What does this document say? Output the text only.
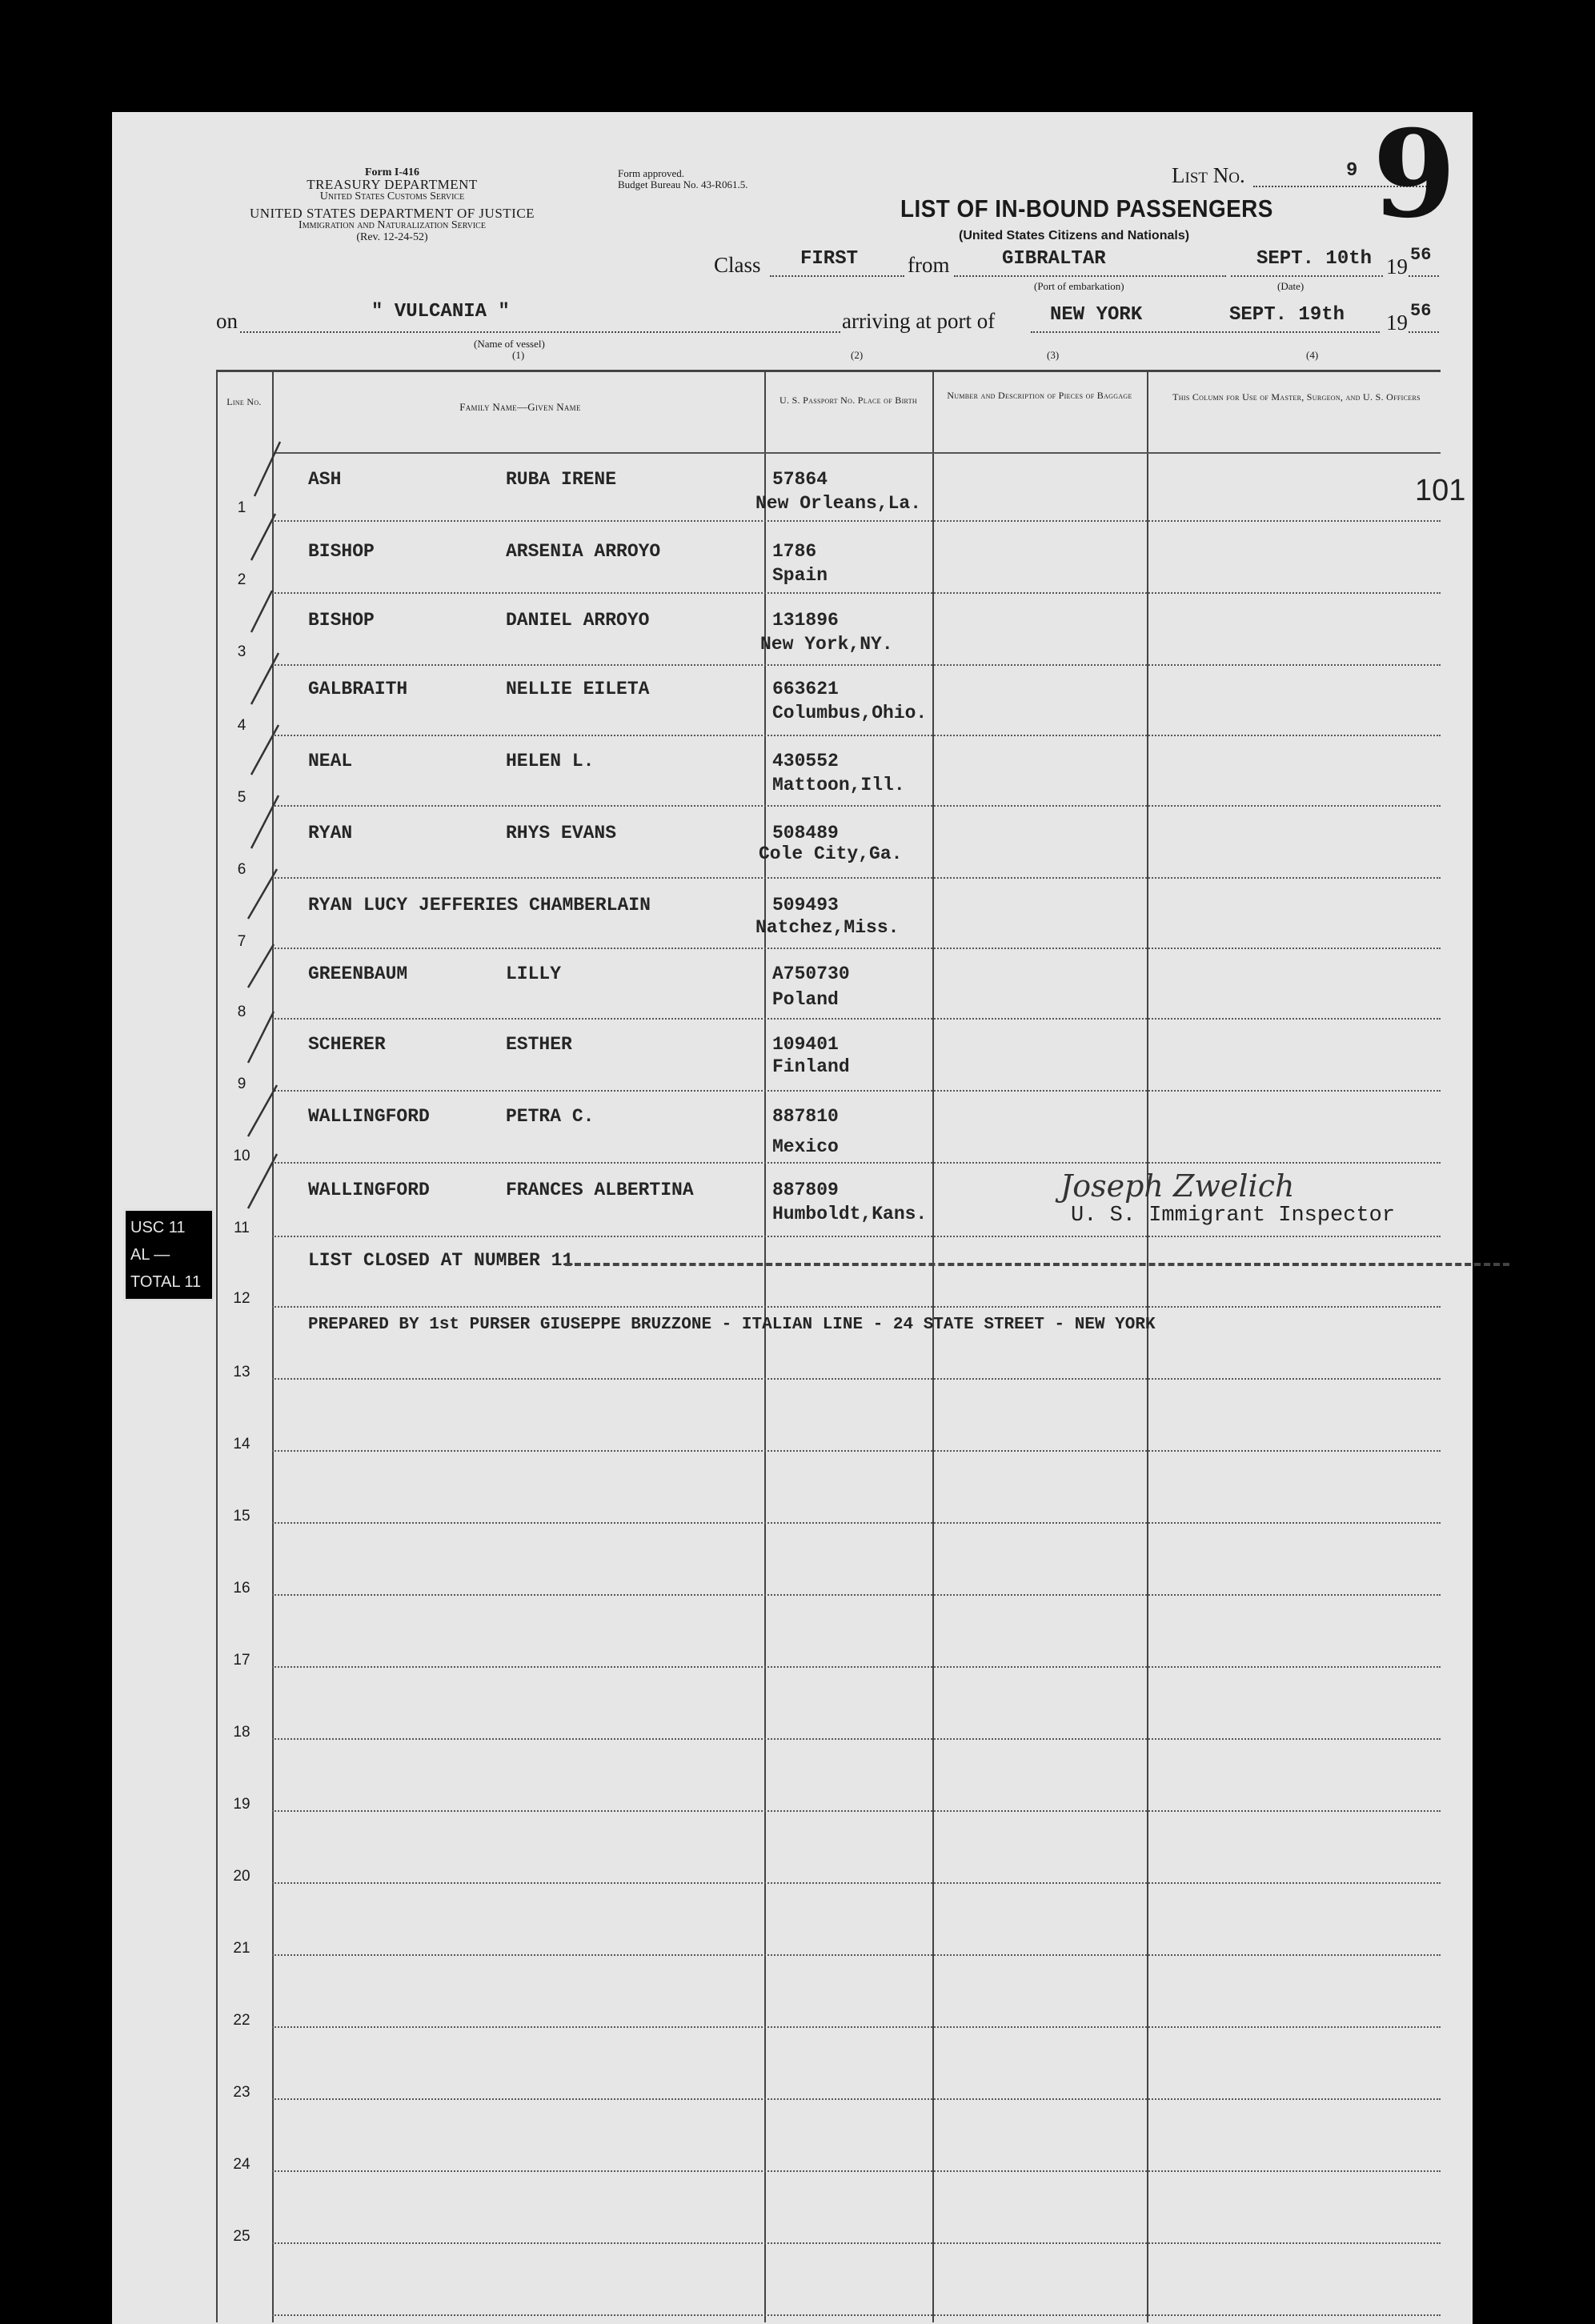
Form I-416
TREASURY DEPARTMENT
United States Customs Service
UNITED STATES DEPARTMENT OF JUSTICE
Immigration and Naturalization Service
(Rev. 12-24-52)
Form approved.
Budget Bureau No. 43-R061.5.	List No.	9 9
LIST OF IN-BOUND PASSENGERS
(United States Citizens and Nationals)
Class FIRST from	GIBRALTAR	SEPT. 10th 19 56
(Port of embarkation)	(Date)
on	" VULCANIA "
(Name of vessel)
arriving at port of	NEW YORK	SEPT. 19th 19 56
(1)	(2)	(3)	(4)
Line No.	Family Name—Given Name
U. S. Passport No. Place of Birth	Number and Description of Pieces of Baggage	This Column for Use of Master, Surgeon, and U. S. Officers
101
1
ASH	RUBA IRENE	57864
New Orleans,La.
2
BISHOP	ARSENIA ARROYO	1786
Spain
3
BISHOP	DANIEL ARROYO	131896
New York,NY.
4
GALBRAITH	NELLIE EILETA	663621
Columbus,Ohio.
5
NEAL	HELEN L.	430552
Mattoon,Ill.
6
RYAN	RHYS EVANS	508489
Cole City,Ga.
7
RYAN LUCY JEFFERIES CHAMBERLAIN	509493
Natchez,Miss.
8
GREENBAUM	LILLY	A750730
Poland
9
SCHERER	ESTHER	109401
Finland
10
WALLINGFORD	PETRA C.	887810
Mexico
11
WALLINGFORD	FRANCES ALBERTINA	887809
Humboldt,Kans.
Joseph Zwelich
U. S. Immigrant Inspector
12
LIST CLOSED AT NUMBER 11
PREPARED BY 1st PURSER GIUSEPPE BRUZZONE - ITALIAN LINE - 24 STATE STREET - NEW YORK
13
14
15
16
17
18
19
20
21
22
23
24
25
USC 11
AL —
TOTAL 11
